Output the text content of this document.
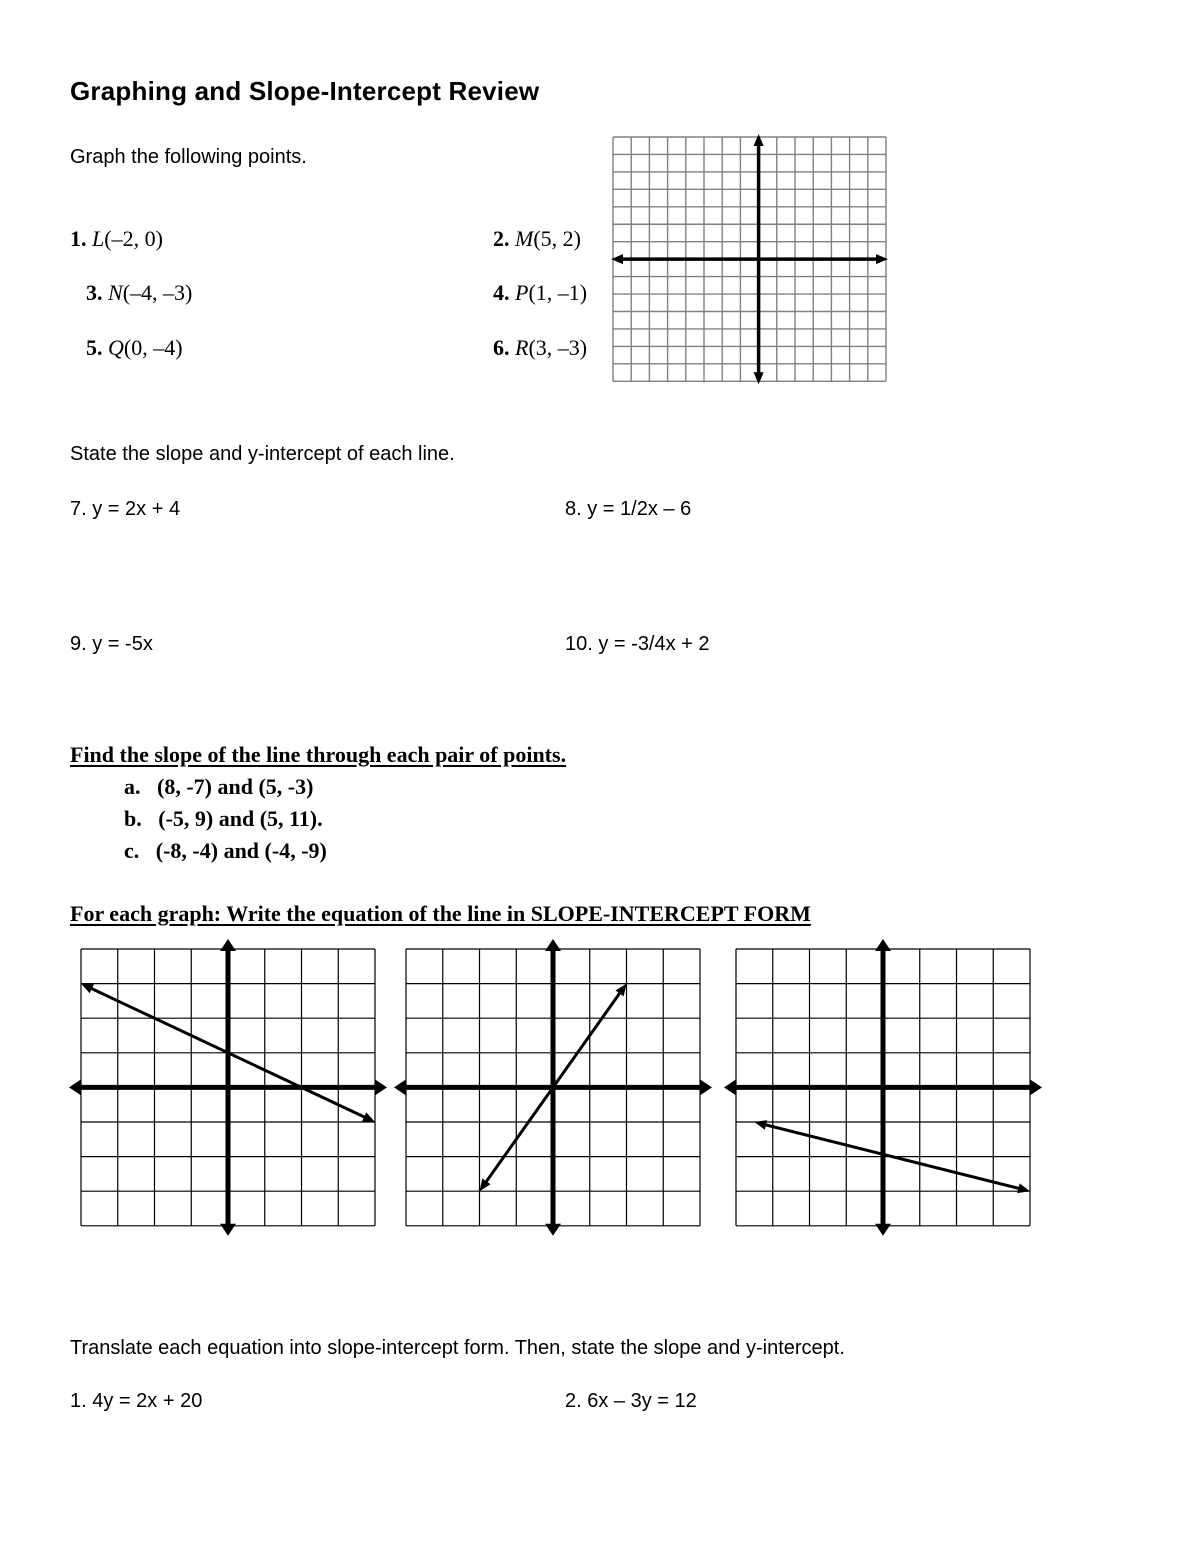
Graphing and Slope-Intercept Review
Graph the following points.
1. L(–2, 0)	2. M(5, 2)
3. N(–4, –3)	4. P(1, –1)
5. Q(0, –4)	6. R(3, –3)
State the slope and y-intercept of each line.
7. y = 2x + 4	8. y = 1/2x – 6
9. y = -5x	10. y = -3/4x + 2
Find the slope of the line through each pair of points.
a. (8, -7) and (5, -3)
b. (-5, 9) and (5, 11).
c. (-8, -4) and (-4, -9)
For each graph: Write the equation of the line in SLOPE-INTERCEPT FORM
Translate each equation into slope-intercept form. Then, state the slope and y-intercept.
1. 4y = 2x + 20	2. 6x – 3y = 12
